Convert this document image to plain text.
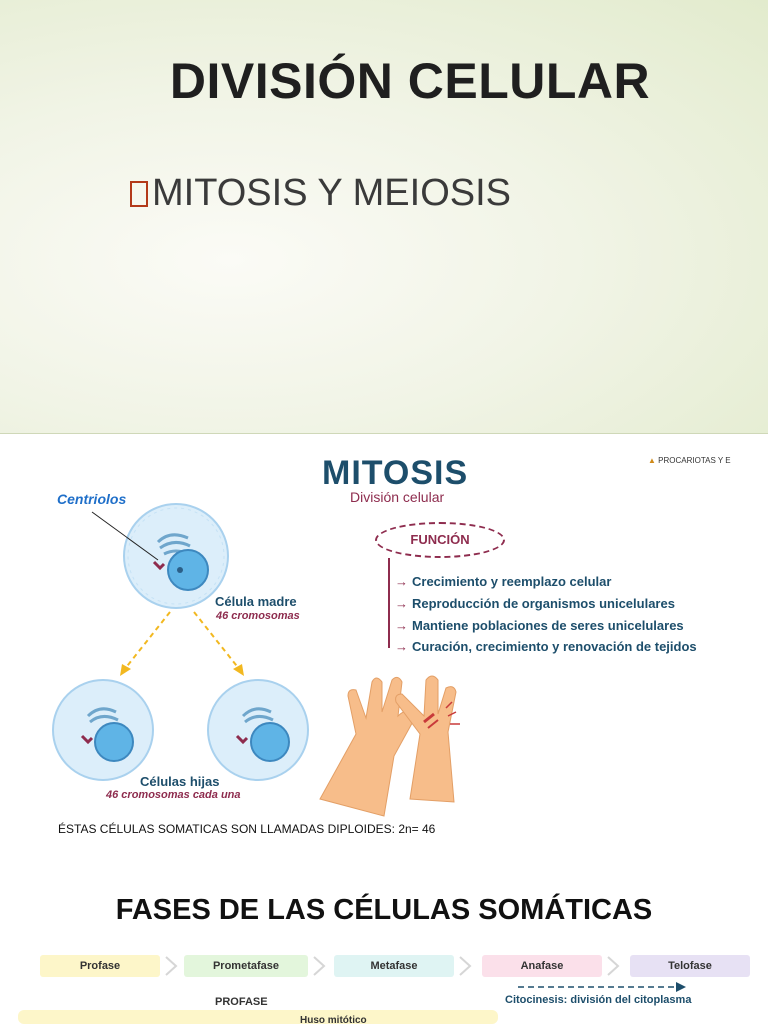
DIVISIÓN CELULAR
MITOSIS Y MEIOSIS
Centriolos
MITOSIS
División celular
▲ PROCARIOTAS Y E
FUNCIÓN
→ Crecimiento y reemplazo celular
→ Reproducción de organismos unicelulares
→ Mantiene poblaciones de seres unicelulares
→ Curación, crecimiento y renovación de tejidos
Célula madre
46 cromosomas
Células hijas
46 cromosomas cada una
ÉSTAS CÉLULAS SOMATICAS SON LLAMADAS DIPLOIDES: 2n= 46
FASES DE LAS CÉLULAS SOMÁTICAS
Profase	Prometafase	Metafase	Anafase	Telofase
PROFASE	Citocinesis: división del citoplasma
Huso mitótico
